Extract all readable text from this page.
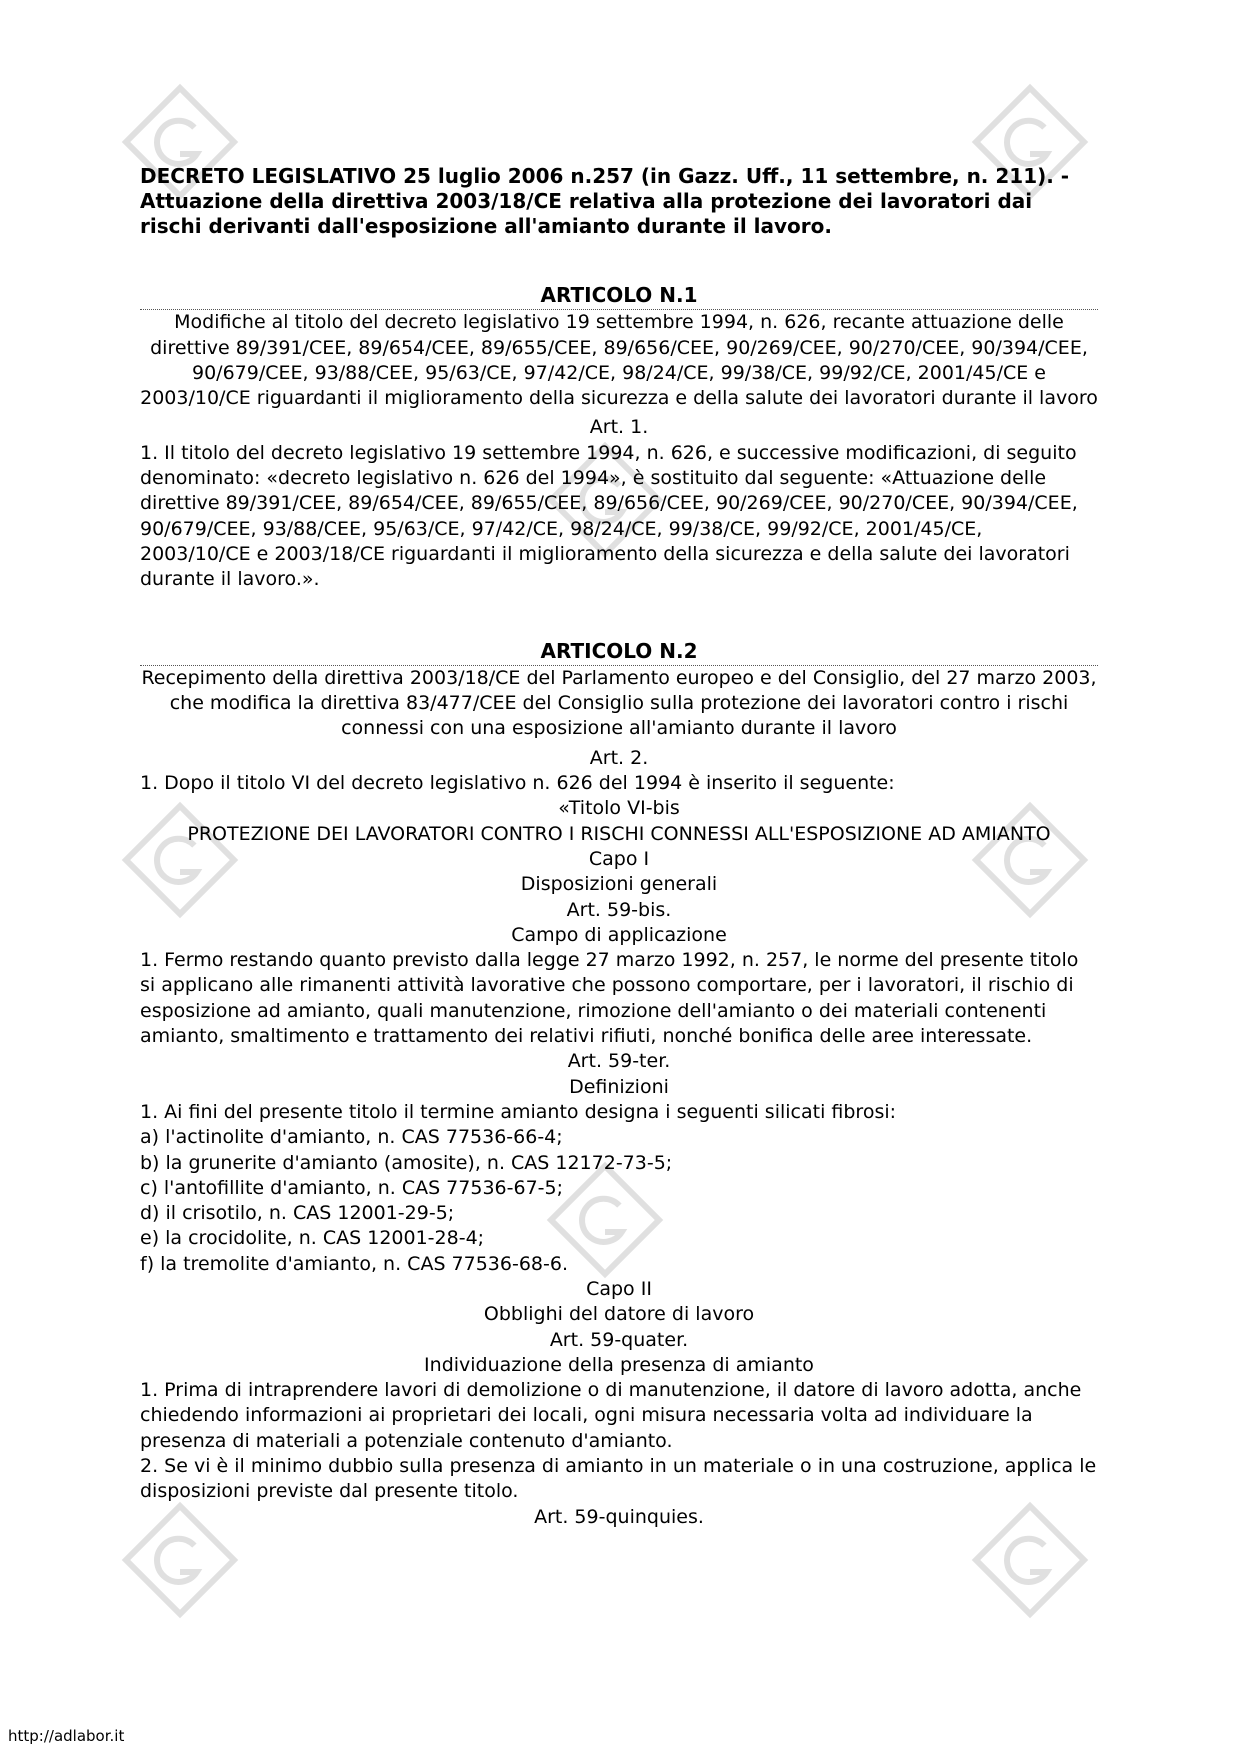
DECRETO LEGISLATIVO 25 luglio 2006 n.257 (in Gazz. Uff., 11 settembre, n. 211). - Attuazione della direttiva 2003/18/CE relativa alla protezione dei lavoratori dai rischi derivanti dall'esposizione all'amianto durante il lavoro.

ARTICOLO N.1

Modifiche al titolo del decreto legislativo 19 settembre 1994, n. 626, recante attuazione delle direttive 89/391/CEE, 89/654/CEE, 89/655/CEE, 89/656/CEE, 90/269/CEE, 90/270/CEE, 90/394/CEE, 90/679/CEE, 93/88/CEE, 95/63/CE, 97/42/CE, 98/24/CE, 99/38/CE, 99/92/CE, 2001/45/CE e 2003/10/CE riguardanti il miglioramento della sicurezza e della salute dei lavoratori durante il lavoro

Art. 1.

1. Il titolo del decreto legislativo 19 settembre 1994, n. 626, e successive modificazioni, di seguito denominato: «decreto legislativo n. 626 del 1994», è sostituito dal seguente: «Attuazione delle direttive 89/391/CEE, 89/654/CEE, 89/655/CEE, 89/656/CEE, 90/269/CEE, 90/270/CEE, 90/394/CEE, 90/679/CEE, 93/88/CEE, 95/63/CE, 97/42/CE, 98/24/CE, 99/38/CE, 99/92/CE, 2001/45/CE, 2003/10/CE e 2003/18/CE riguardanti il miglioramento della sicurezza e della salute dei lavoratori durante il lavoro.».

ARTICOLO N.2

Recepimento della direttiva 2003/18/CE del Parlamento europeo e del Consiglio, del 27 marzo 2003, che modifica la direttiva 83/477/CEE del Consiglio sulla protezione dei lavoratori contro i rischi connessi con una esposizione all'amianto durante il lavoro

Art. 2.

1. Dopo il titolo VI del decreto legislativo n. 626 del 1994 è inserito il seguente:

«Titolo VI-bis

PROTEZIONE DEI LAVORATORI CONTRO I RISCHI CONNESSI ALL'ESPOSIZIONE AD AMIANTO

Capo I

Disposizioni generali

Art. 59-bis.

Campo di applicazione

1. Fermo restando quanto previsto dalla legge 27 marzo 1992, n. 257, le norme del presente titolo si applicano alle rimanenti attività lavorative che possono comportare, per i lavoratori, il rischio di esposizione ad amianto, quali manutenzione, rimozione dell'amianto o dei materiali contenenti amianto, smaltimento e trattamento dei relativi rifiuti, nonché bonifica delle aree interessate.

Art. 59-ter.

Definizioni

1. Ai fini del presente titolo il termine amianto designa i seguenti silicati fibrosi:

a) l'actinolite d'amianto, n. CAS 77536-66-4;

b) la grunerite d'amianto (amosite), n. CAS 12172-73-5;

c) l'antofillite d'amianto, n. CAS 77536-67-5;

d) il crisotilo, n. CAS 12001-29-5;

e) la crocidolite, n. CAS 12001-28-4;

f) la tremolite d'amianto, n. CAS 77536-68-6.

Capo II

Obblighi del datore di lavoro

Art. 59-quater.

Individuazione della presenza di amianto

1. Prima di intraprendere lavori di demolizione o di manutenzione, il datore di lavoro adotta, anche chiedendo informazioni ai proprietari dei locali, ogni misura necessaria volta ad individuare la presenza di materiali a potenziale contenuto d'amianto.

2. Se vi è il minimo dubbio sulla presenza di amianto in un materiale o in una costruzione, applica le disposizioni previste dal presente titolo.

Art. 59-quinquies.

http://adlabor.it
